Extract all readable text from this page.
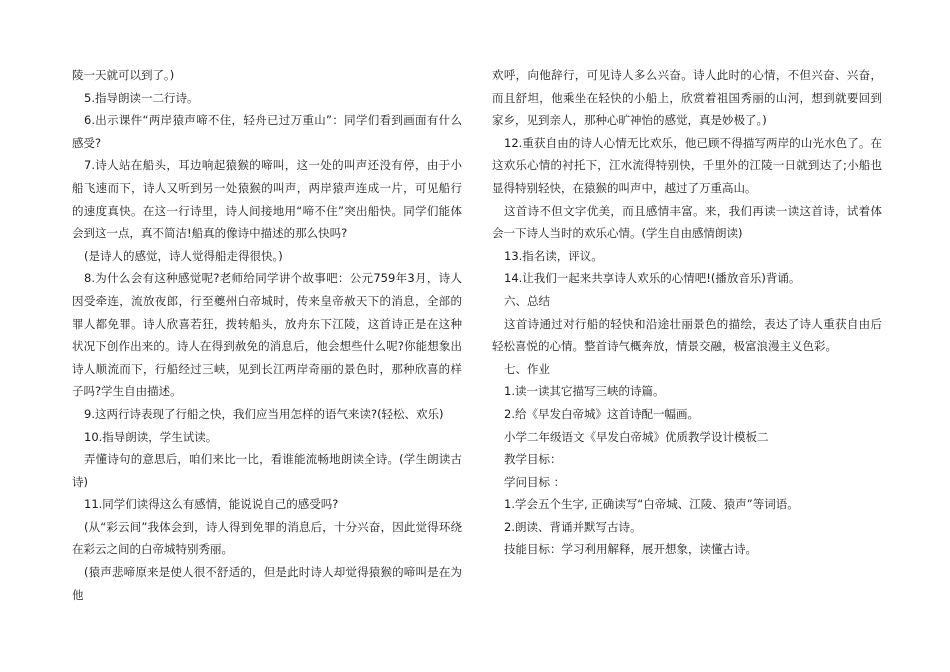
陵一天就可以到了。)

5.指导朗读一二行诗。

6.出示课件“两岸猿声啼不住，轻舟已过万重山”：同学们看到画面有什么感受?

7.诗人站在船头，耳边响起猿猴的啼叫，这一处的叫声还没有停，由于小船飞速而下，诗人又听到另一处猿猴的叫声，两岸猿声连成一片，可见船行的速度真快。在这一行诗里，诗人间接地用“啼不住”突出船快。同学们能体会到这一点，真不简洁!船真的像诗中描述的那么快吗?

(是诗人的感觉，诗人觉得船走得很快。)

8.为什么会有这种感觉呢?老师给同学讲个故事吧：公元759年3月，诗人因受牵连，流放夜郎，行至夔州白帝城时，传来皇帝赦天下的消息，全部的罪人都免罪。诗人欣喜若狂，拨转船头，放舟东下江陵，这首诗正是在这种状况下创作出来的。诗人在得到赦免的消息后，他会想些什么呢?你能想象出诗人顺流而下，行船经过三峡，见到长江两岸奇丽的景色时，那种欣喜的样子吗?学生自由描述。

9.这两行诗表现了行船之快，我们应当用怎样的语气来读?(轻松、欢乐)

10.指导朗读，学生试读。

弄懂诗句的意思后，咱们来比一比，看谁能流畅地朗读全诗。(学生朗读古诗)

11.同学们读得这么有感情，能说说自己的感受吗?

(从“彩云间”我体会到，诗人得到免罪的消息后，十分兴奋，因此觉得环绕在彩云之间的白帝城特别秀丽。

(猿声悲啼原来是使人很不舒适的，但是此时诗人却觉得猿猴的啼叫是在为他

欢呼，向他辞行，可见诗人多么兴奋。诗人此时的心情，不但兴奋、兴奋，而且舒坦，他乘坐在轻快的小船上，欣赏着祖国秀丽的山河，想到就要回到家乡，见到亲人，那种心旷神怡的感觉，真是妙极了。)

12.重获自由的诗人心情无比欢乐，他已顾不得描写两岸的山光水色了。在这欢乐心情的衬托下，江水流得特别快，千里外的江陵一日就到达了;小船也显得特别轻快，在猿猴的叫声中，越过了万重高山。

这首诗不但文字优美，而且感情丰富。来，我们再读一读这首诗，试着体会一下诗人当时的欢乐心情。(学生自由感情朗读)

13.指名读，评议。

14.让我们一起来共享诗人欢乐的心情吧!(播放音乐)背诵。

六、总结

这首诗通过对行船的轻快和沿途壮丽景色的描绘，表达了诗人重获自由后轻松喜悦的心情。整首诗气概奔放，情景交融，极富浪漫主义色彩。

七、作业

1.读一读其它描写三峡的诗篇。

2.给《早发白帝城》这首诗配一幅画。

小学二年级语文《早发白帝城》优质教学设计模板二

教学目标：

学问目标 ：

1.学会五个生字, 正确读写“白帝城、江陵、猿声”等词语。

2.朗读、背诵并默写古诗。

技能目标：学习利用解释，展开想象，读懂古诗。
